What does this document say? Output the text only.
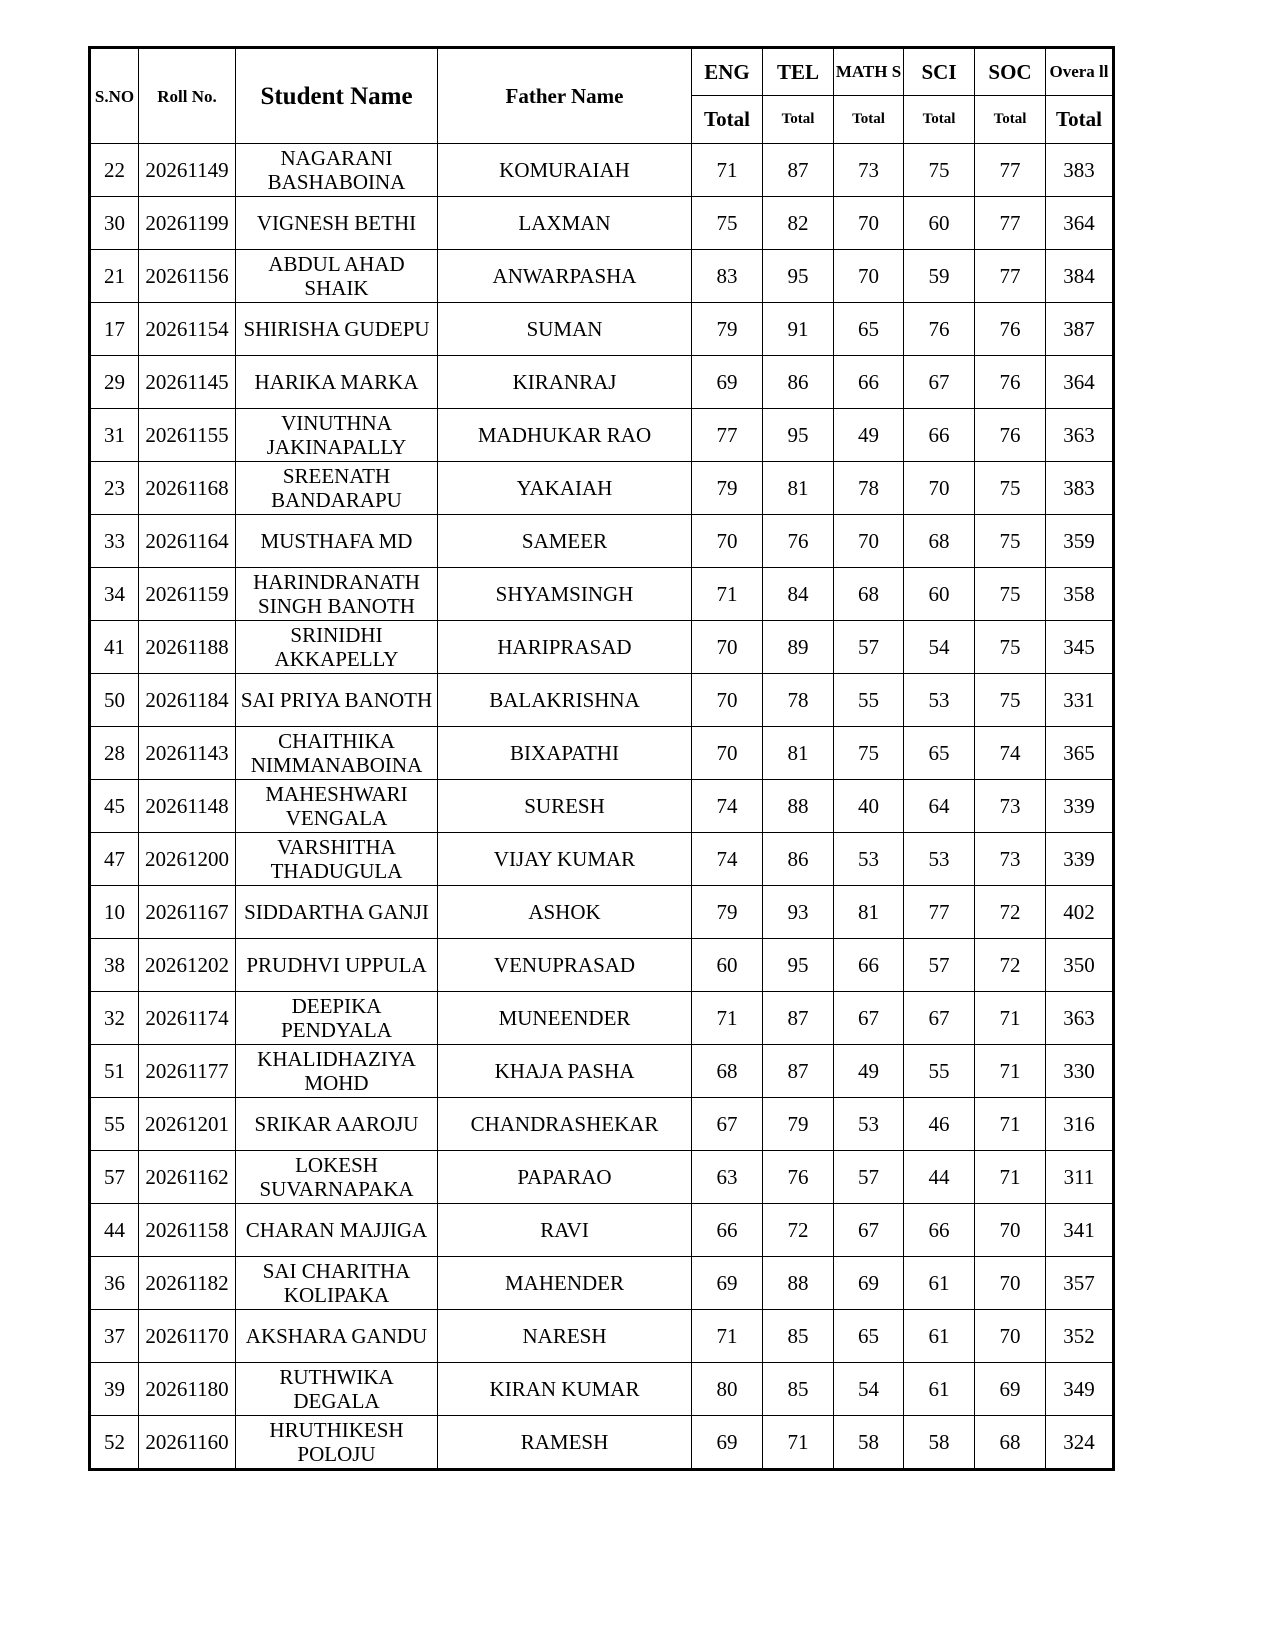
S.NO	Roll No.	Student Name	Father Name	ENG	TEL	MATH S	SCI	SOC	Overa ll
				Total	Total	Total	Total	Total	Total
22	20261149	NAGARANI BASHABOINA	KOMURAIAH	71	87	73	75	77	383
30	20261199	VIGNESH BETHI	LAXMAN	75	82	70	60	77	364
21	20261156	ABDUL AHAD SHAIK	ANWARPASHA	83	95	70	59	77	384
17	20261154	SHIRISHA GUDEPU	SUMAN	79	91	65	76	76	387
29	20261145	HARIKA MARKA	KIRANRAJ	69	86	66	67	76	364
31	20261155	VINUTHNA JAKINAPALLY	MADHUKAR RAO	77	95	49	66	76	363
23	20261168	SREENATH BANDARAPU	YAKAIAH	79	81	78	70	75	383
33	20261164	MUSTHAFA MD	SAMEER	70	76	70	68	75	359
34	20261159	HARINDRANATH SINGH BANOTH	SHYAMSINGH	71	84	68	60	75	358
41	20261188	SRINIDHI AKKAPELLY	HARIPRASAD	70	89	57	54	75	345
50	20261184	SAI PRIYA BANOTH	BALAKRISHNA	70	78	55	53	75	331
28	20261143	CHAITHIKA NIMMANABOINA	BIXAPATHI	70	81	75	65	74	365
45	20261148	MAHESHWARI VENGALA	SURESH	74	88	40	64	73	339
47	20261200	VARSHITHA THADUGULA	VIJAY KUMAR	74	86	53	53	73	339
10	20261167	SIDDARTHA GANJI	ASHOK	79	93	81	77	72	402
38	20261202	PRUDHVI UPPULA	VENUPRASAD	60	95	66	57	72	350
32	20261174	DEEPIKA PENDYALA	MUNEENDER	71	87	67	67	71	363
51	20261177	KHALIDHAZIYA MOHD	KHAJA PASHA	68	87	49	55	71	330
55	20261201	SRIKAR AAROJU	CHANDRASHEKAR	67	79	53	46	71	316
57	20261162	LOKESH SUVARNAPAKA	PAPARAO	63	76	57	44	71	311
44	20261158	CHARAN MAJJIGA	RAVI	66	72	67	66	70	341
36	20261182	SAI CHARITHA KOLIPAKA	MAHENDER	69	88	69	61	70	357
37	20261170	AKSHARA GANDU	NARESH	71	85	65	61	70	352
39	20261180	RUTHWIKA DEGALA	KIRAN KUMAR	80	85	54	61	69	349
52	20261160	HRUTHIKESH POLOJU	RAMESH	69	71	58	58	68	324
